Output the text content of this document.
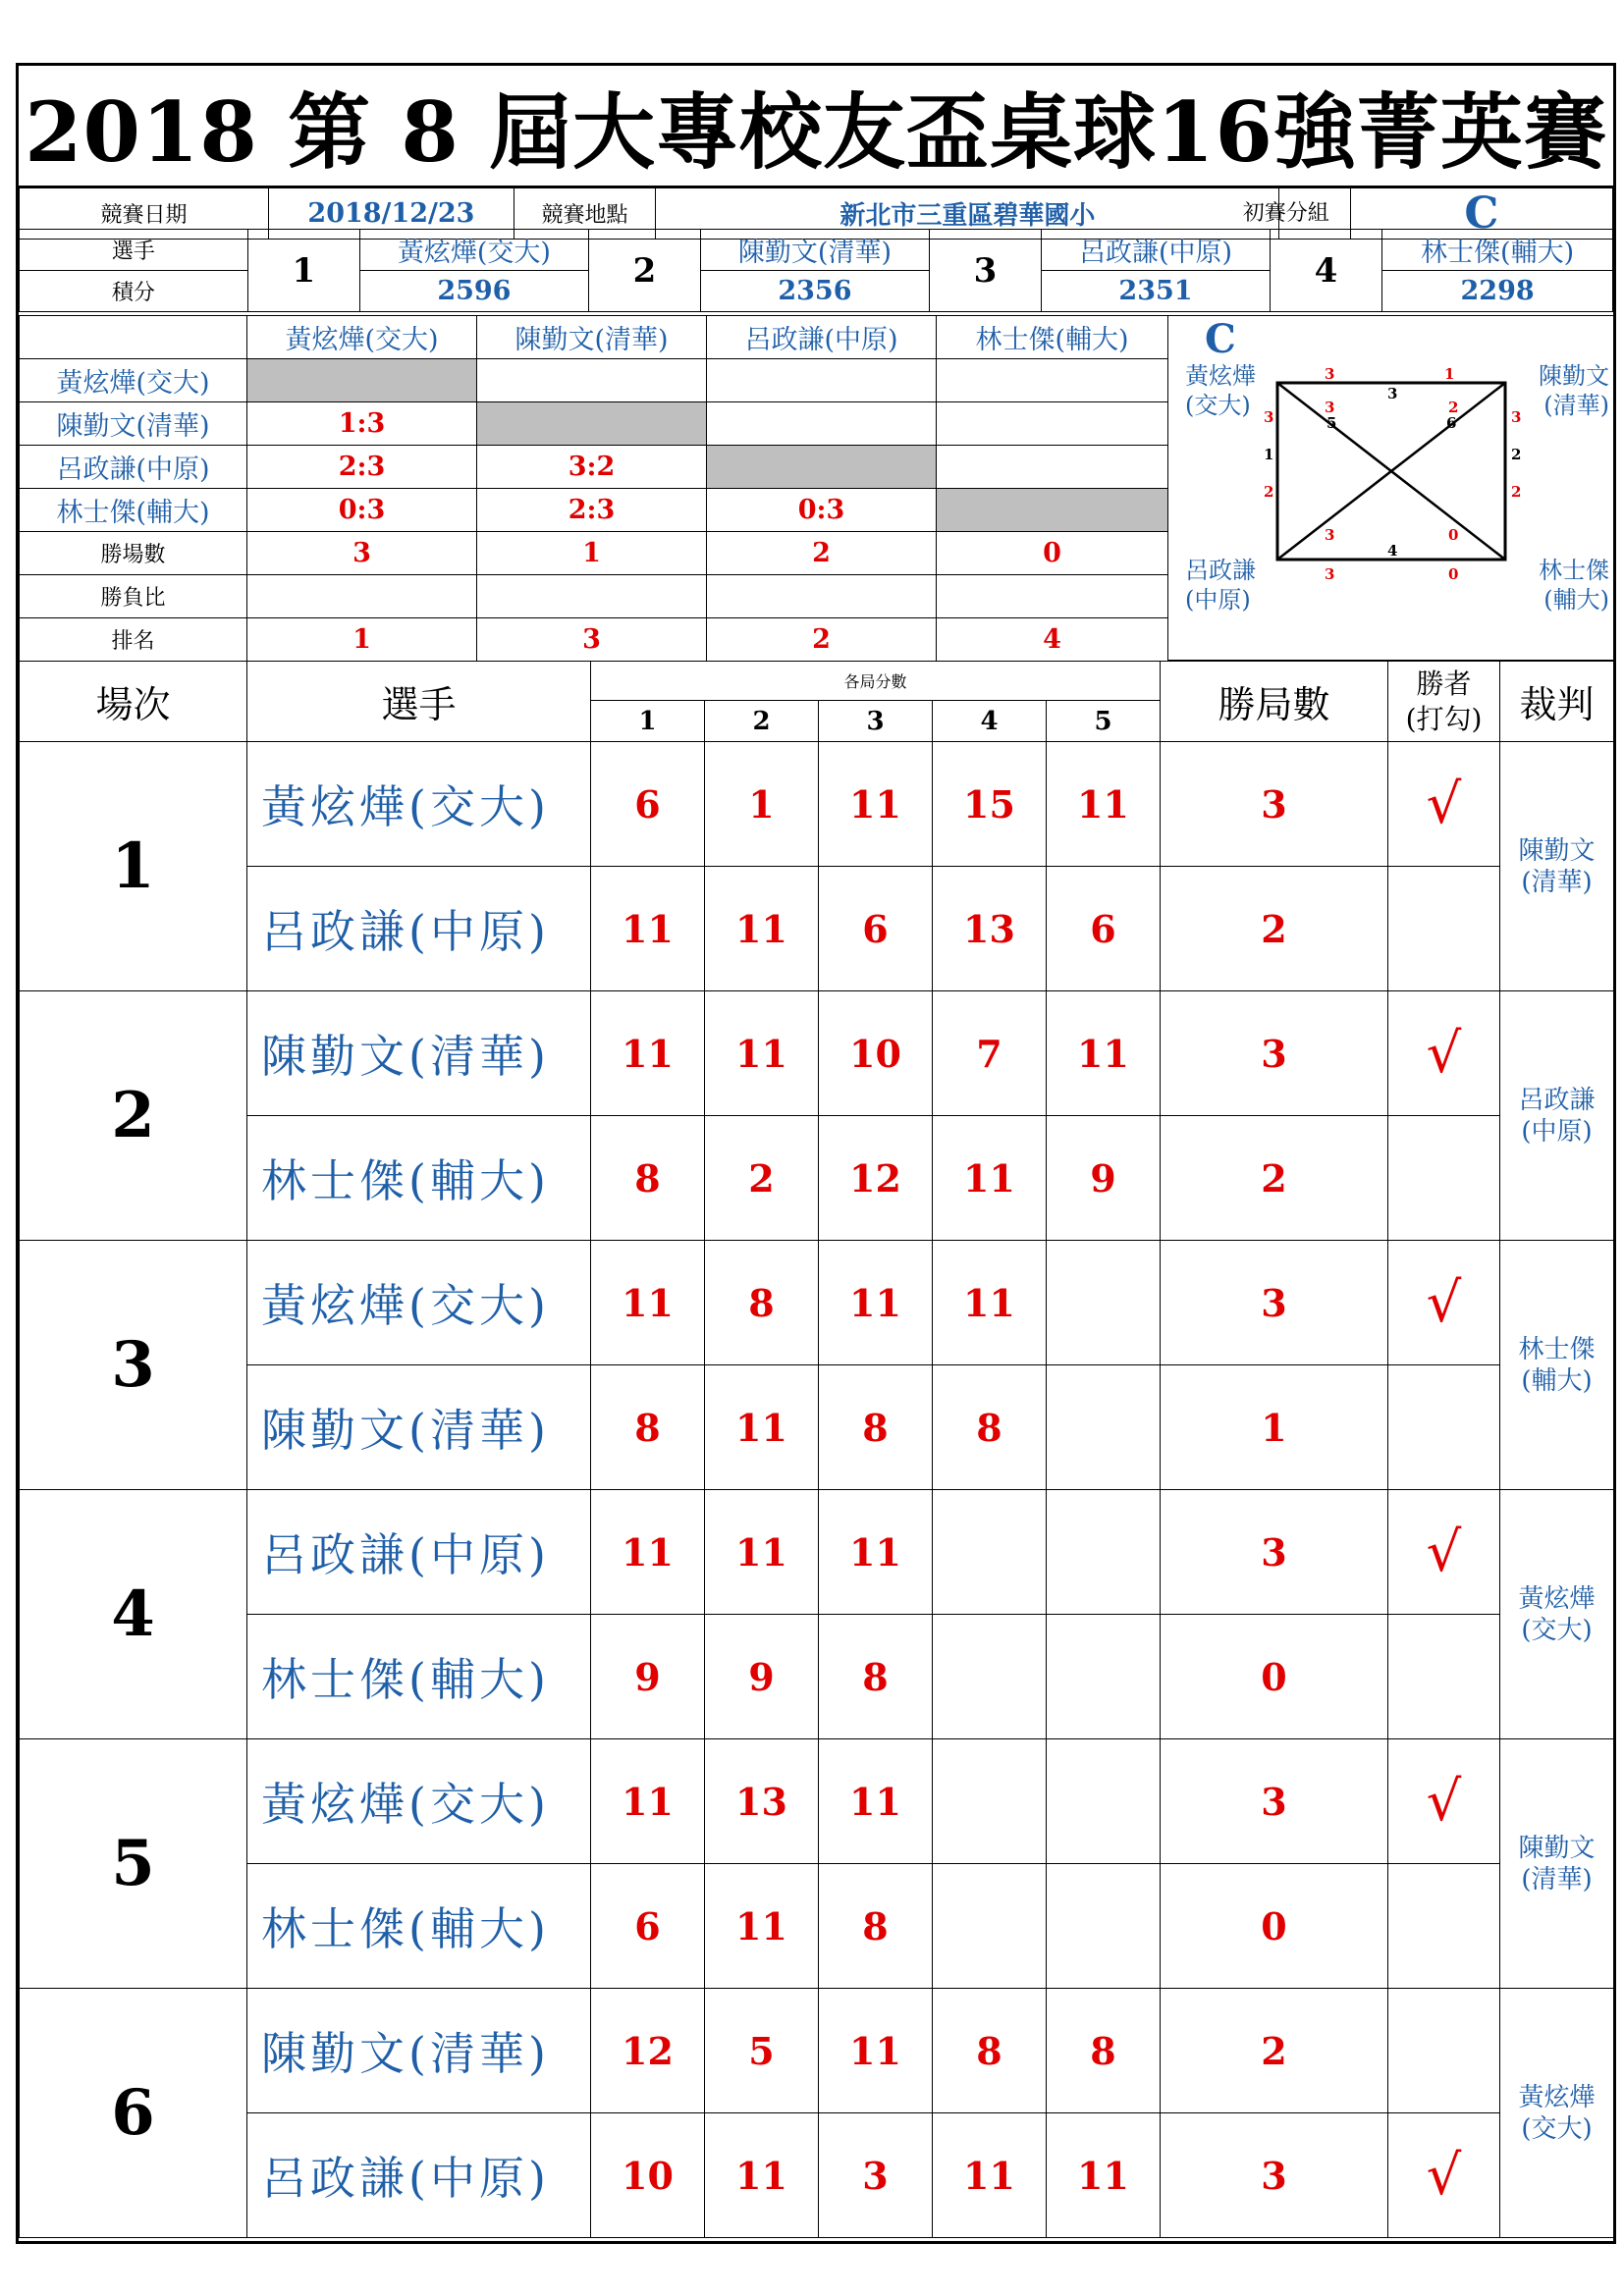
2018 第 8 屆大專校友盃桌球16強菁英賽
競賽日期	2018/12/23	競賽地點	新北市三重區碧華國小		初賽分組	C
選手	1	黃炫燁(交大)	2	陳勤文(清華)	3	呂政謙(中原)	4	林士傑(輔大)
積分		2596		2356		2351		2298
	黃炫燁(交大)	陳勤文(清華)	呂政謙(中原)	林士傑(輔大)
黃炫燁(交大)				
陳勤文(清華)	1:3			
呂政謙(中原)	2:3	3:2		
林士傑(輔大)	0:3	2:3	0:3	
勝場數	3	1	2	0
勝負比				
排名	1	3	2	4
C
黃炫燁(交大)
陳勤文(清華)
呂政謙(中原)
林士傑(輔大)
3	1
3
3
1
2
3
2
2
3	2
5	6
3	0
4
3	0
場次	選手	各局分數					勝局數	勝者
(打勾)	裁判
		1	2	3	4	5			
1	黃炫燁(交大)	6	1	11	15	11	3	√	陳勤文
(清華)

	呂政謙(中原)	11	11	6	13	6	2		
2	陳勤文(清華)	11	11	10	7	11	3	√	呂政謙
(中原)

	林士傑(輔大)	8	2	12	11	9	2		
3	黃炫燁(交大)	11	8	11	11		3	√	林士傑
(輔大)

	陳勤文(清華)	8	11	8	8		1		
4	呂政謙(中原)	11	11	11			3	√	黃炫燁
(交大)

	林士傑(輔大)	9	9	8			0		
5	黃炫燁(交大)	11	13	11			3	√	陳勤文
(清華)

	林士傑(輔大)	6	11	8			0		
6	陳勤文(清華)	12	5	11	8	8	2		黃炫燁
(交大)

	呂政謙(中原)	10	11	3	11	11	3	√	
